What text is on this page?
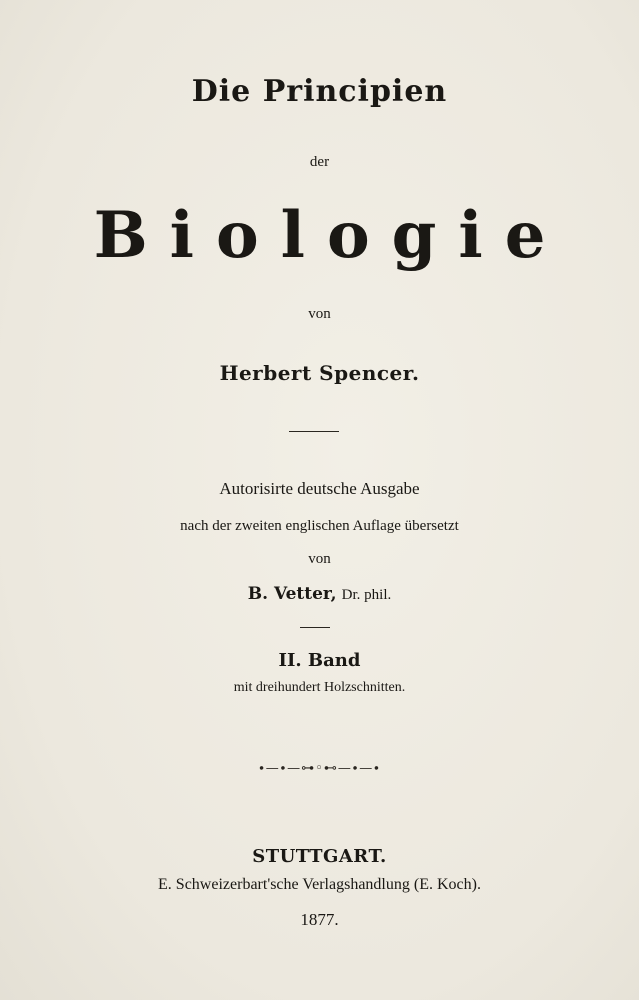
Die Principien
der
Biologie
von
Herbert Spencer.
Autorisirte deutsche Ausgabe
nach der zweiten englischen Auflage übersetzt
von
B. Vetter, Dr. phil.
II. Band
mit dreihundert Holzschnitten.
∙—∙—⊶◦⊷—∙—∙
STUTTGART.
E. Schweizerbart'sche Verlagshandlung (E. Koch).
1877.
